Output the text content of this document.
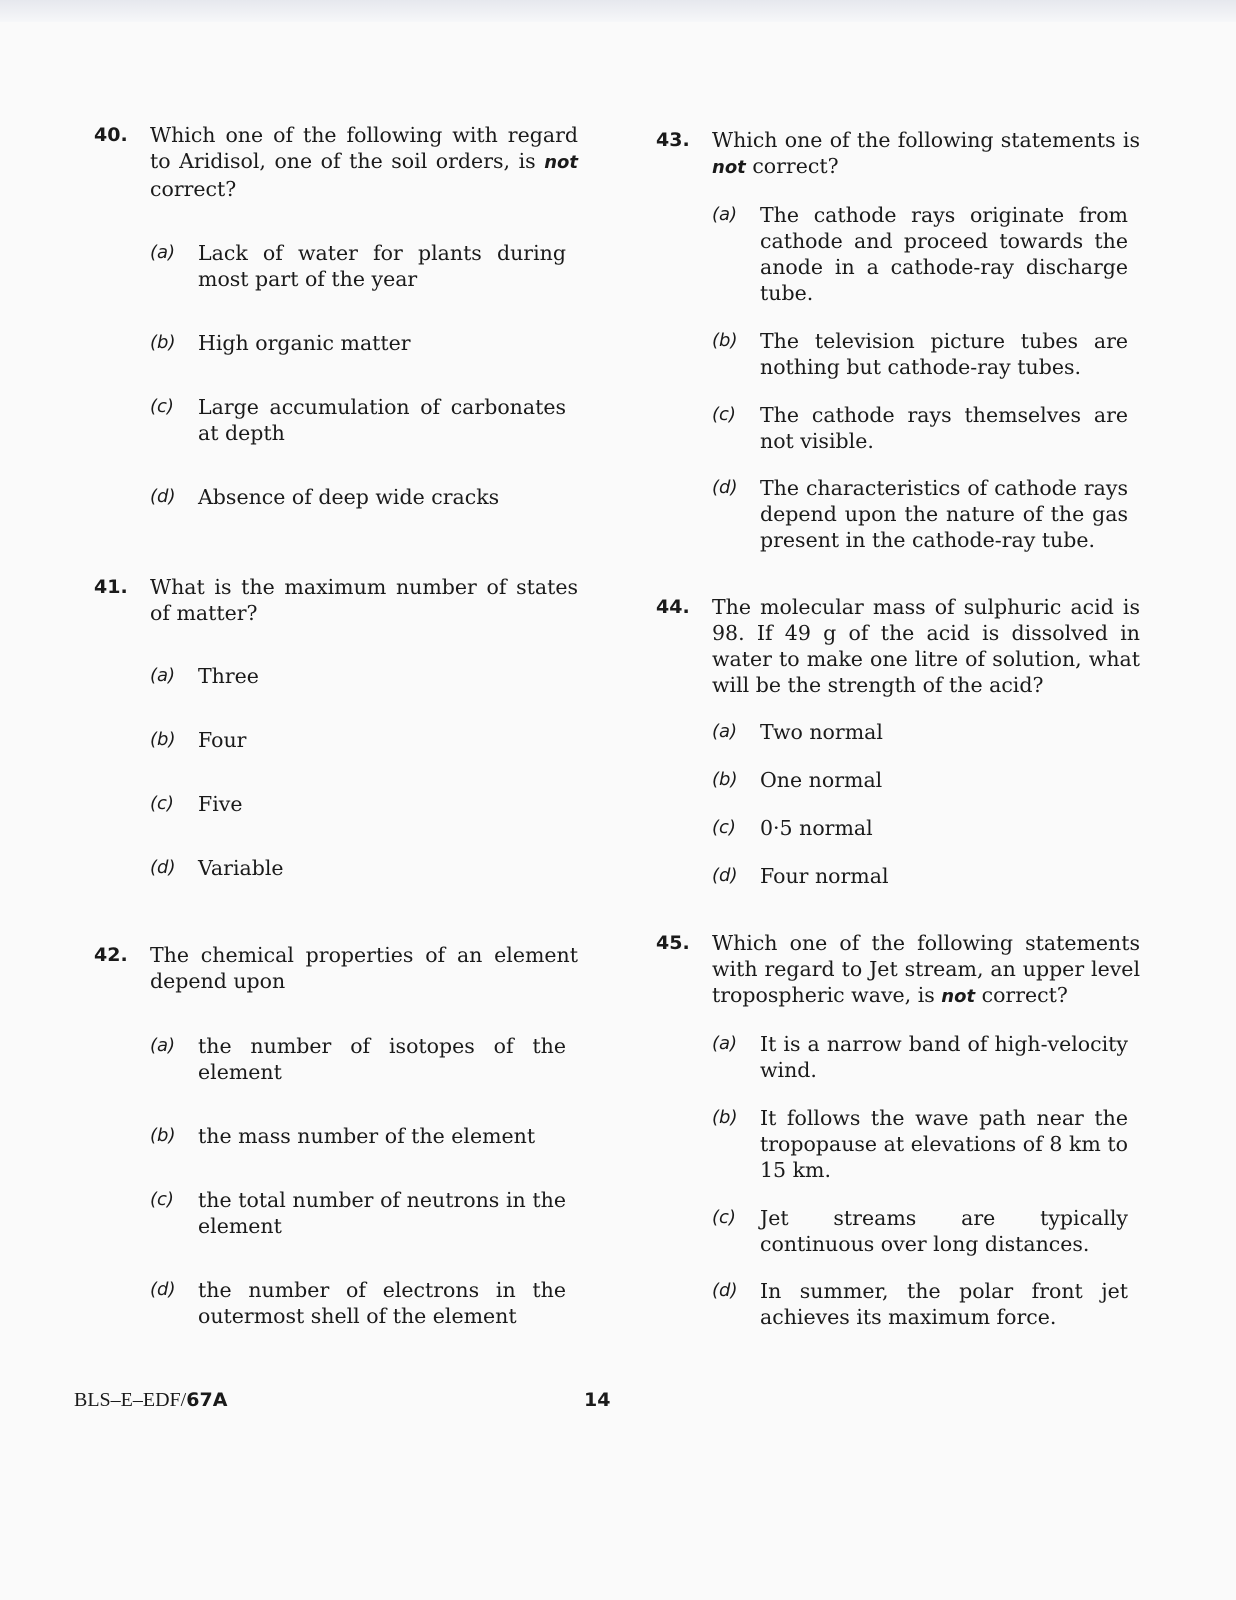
40. Which one of the following with regard to Aridisol, one of the soil orders, is not correct?
(a) Lack of water for plants during most part of the year
(b) High organic matter
(c) Large accumulation of carbonates at depth
(d) Absence of deep wide cracks
41. What is the maximum number of states of matter?
(a) Three
(b) Four
(c) Five
(d) Variable
42. The chemical properties of an element depend upon
(a) the number of isotopes of the element
(b) the mass number of the element
(c) the total number of neutrons in the element
(d) the number of electrons in the outermost shell of the element
43. Which one of the following statements is not correct?
(a) The cathode rays originate from cathode and proceed towards the anode in a cathode-ray discharge tube.
(b) The television picture tubes are nothing but cathode-ray tubes.
(c) The cathode rays themselves are not visible.
(d) The characteristics of cathode rays depend upon the nature of the gas present in the cathode-ray tube.
44. The molecular mass of sulphuric acid is 98. If 49 g of the acid is dissolved in water to make one litre of solution, what will be the strength of the acid?
(a) Two normal
(b) One normal
(c) 0·5 normal
(d) Four normal
45. Which one of the following statements with regard to Jet stream, an upper level tropospheric wave, is not correct?
(a) It is a narrow band of high-velocity wind.
(b) It follows the wave path near the tropopause at elevations of 8 km to 15 km.
(c) Jet streams are typically continuous over long distances.
(d) In summer, the polar front jet achieves its maximum force.
BLS–E–EDF/67A	14
